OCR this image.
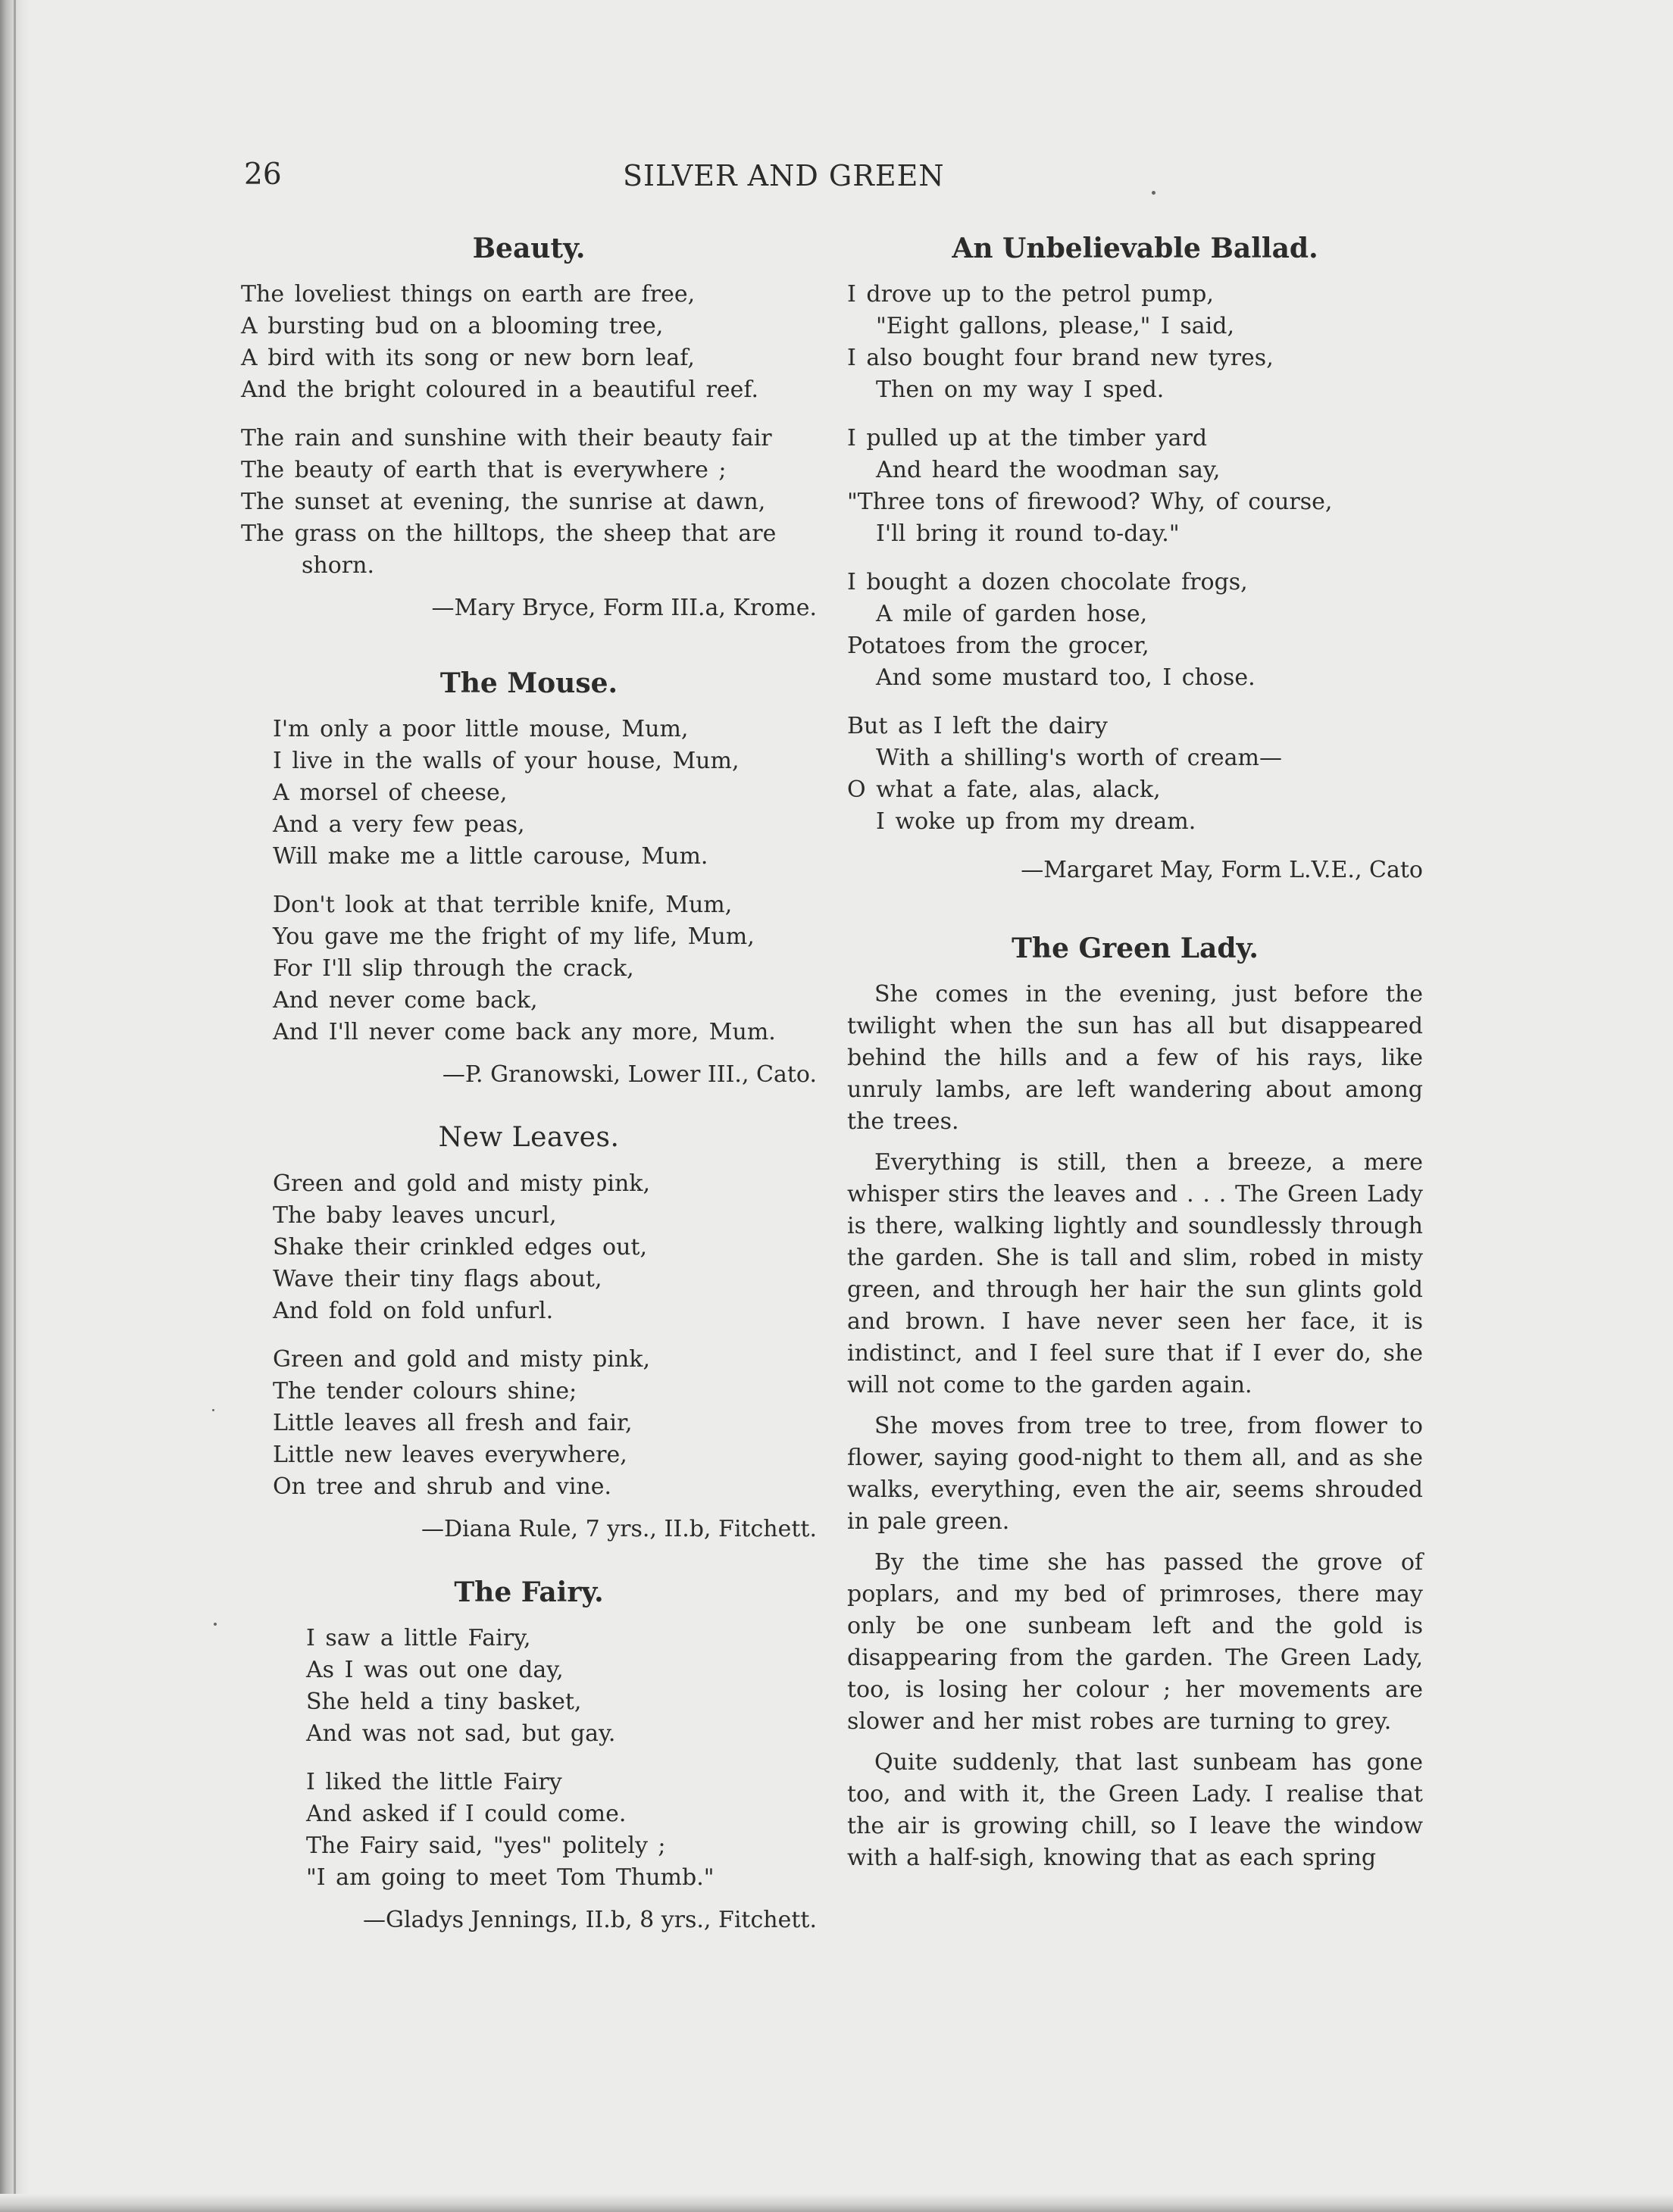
26	SILVER AND GREEN
Beauty.
The loveliest things on earth are free,
A bursting bud on a blooming tree,
A bird with its song or new born leaf,
And the bright coloured in a beautiful reef.
The rain and sunshine with their beauty fair
The beauty of earth that is everywhere ;
The sunset at evening, the sunrise at dawn,
The grass on the hilltops, the sheep that are
shorn.
—Mary Bryce, Form III.a, Krome.
The Mouse.
I'm only a poor little mouse, Mum,
I live in the walls of your house, Mum,
A morsel of cheese,
And a very few peas,
Will make me a little carouse, Mum.
Don't look at that terrible knife, Mum,
You gave me the fright of my life, Mum,
For I'll slip through the crack,
And never come back,
And I'll never come back any more, Mum.
—P. Granowski, Lower III., Cato.
New Leaves.
Green and gold and misty pink,
The baby leaves uncurl,
Shake their crinkled edges out,
Wave their tiny flags about,
And fold on fold unfurl.
Green and gold and misty pink,
The tender colours shine;
Little leaves all fresh and fair,
Little new leaves everywhere,
On tree and shrub and vine.
—Diana Rule, 7 yrs., II.b, Fitchett.
The Fairy.
I saw a little Fairy,
As I was out one day,
She held a tiny basket,
And was not sad, but gay.
I liked the little Fairy
And asked if I could come.
The Fairy said, "yes" politely ;
"I am going to meet Tom Thumb."
—Gladys Jennings, II.b, 8 yrs., Fitchett.
An Unbelievable Ballad.
I drove up to the petrol pump,
"Eight gallons, please," I said,
I also bought four brand new tyres,
Then on my way I sped.
I pulled up at the timber yard
And heard the woodman say,
"Three tons of firewood? Why, of course,
I'll bring it round to-day."
I bought a dozen chocolate frogs,
A mile of garden hose,
Potatoes from the grocer,
And some mustard too, I chose.
But as I left the dairy
With a shilling's worth of cream—
O what a fate, alas, alack,
I woke up from my dream.
—Margaret May, Form L.V.E., Cato
The Green Lady.

She comes in the evening, just before the twilight when the sun has all but disappeared behind the hills and a few of his rays, like unruly lambs, are left wandering about among the trees.

Everything is still, then a breeze, a mere whisper stirs the leaves and . . . The Green Lady is there, walking lightly and soundlessly through the garden. She is tall and slim, robed in misty green, and through her hair the sun glints gold and brown. I have never seen her face, it is indistinct, and I feel sure that if I ever do, she will not come to the garden again.

She moves from tree to tree, from flower to flower, saying good-night to them all, and as she walks, everything, even the air, seems shrouded in pale green.

By the time she has passed the grove of poplars, and my bed of primroses, there may only be one sunbeam left and the gold is disappearing from the garden. The Green Lady, too, is losing her colour ; her movements are slower and her mist robes are turning to grey.

Quite suddenly, that last sunbeam has gone too, and with it, the Green Lady. I realise that the air is growing chill, so I leave the window with a half-sigh, knowing that as each spring
